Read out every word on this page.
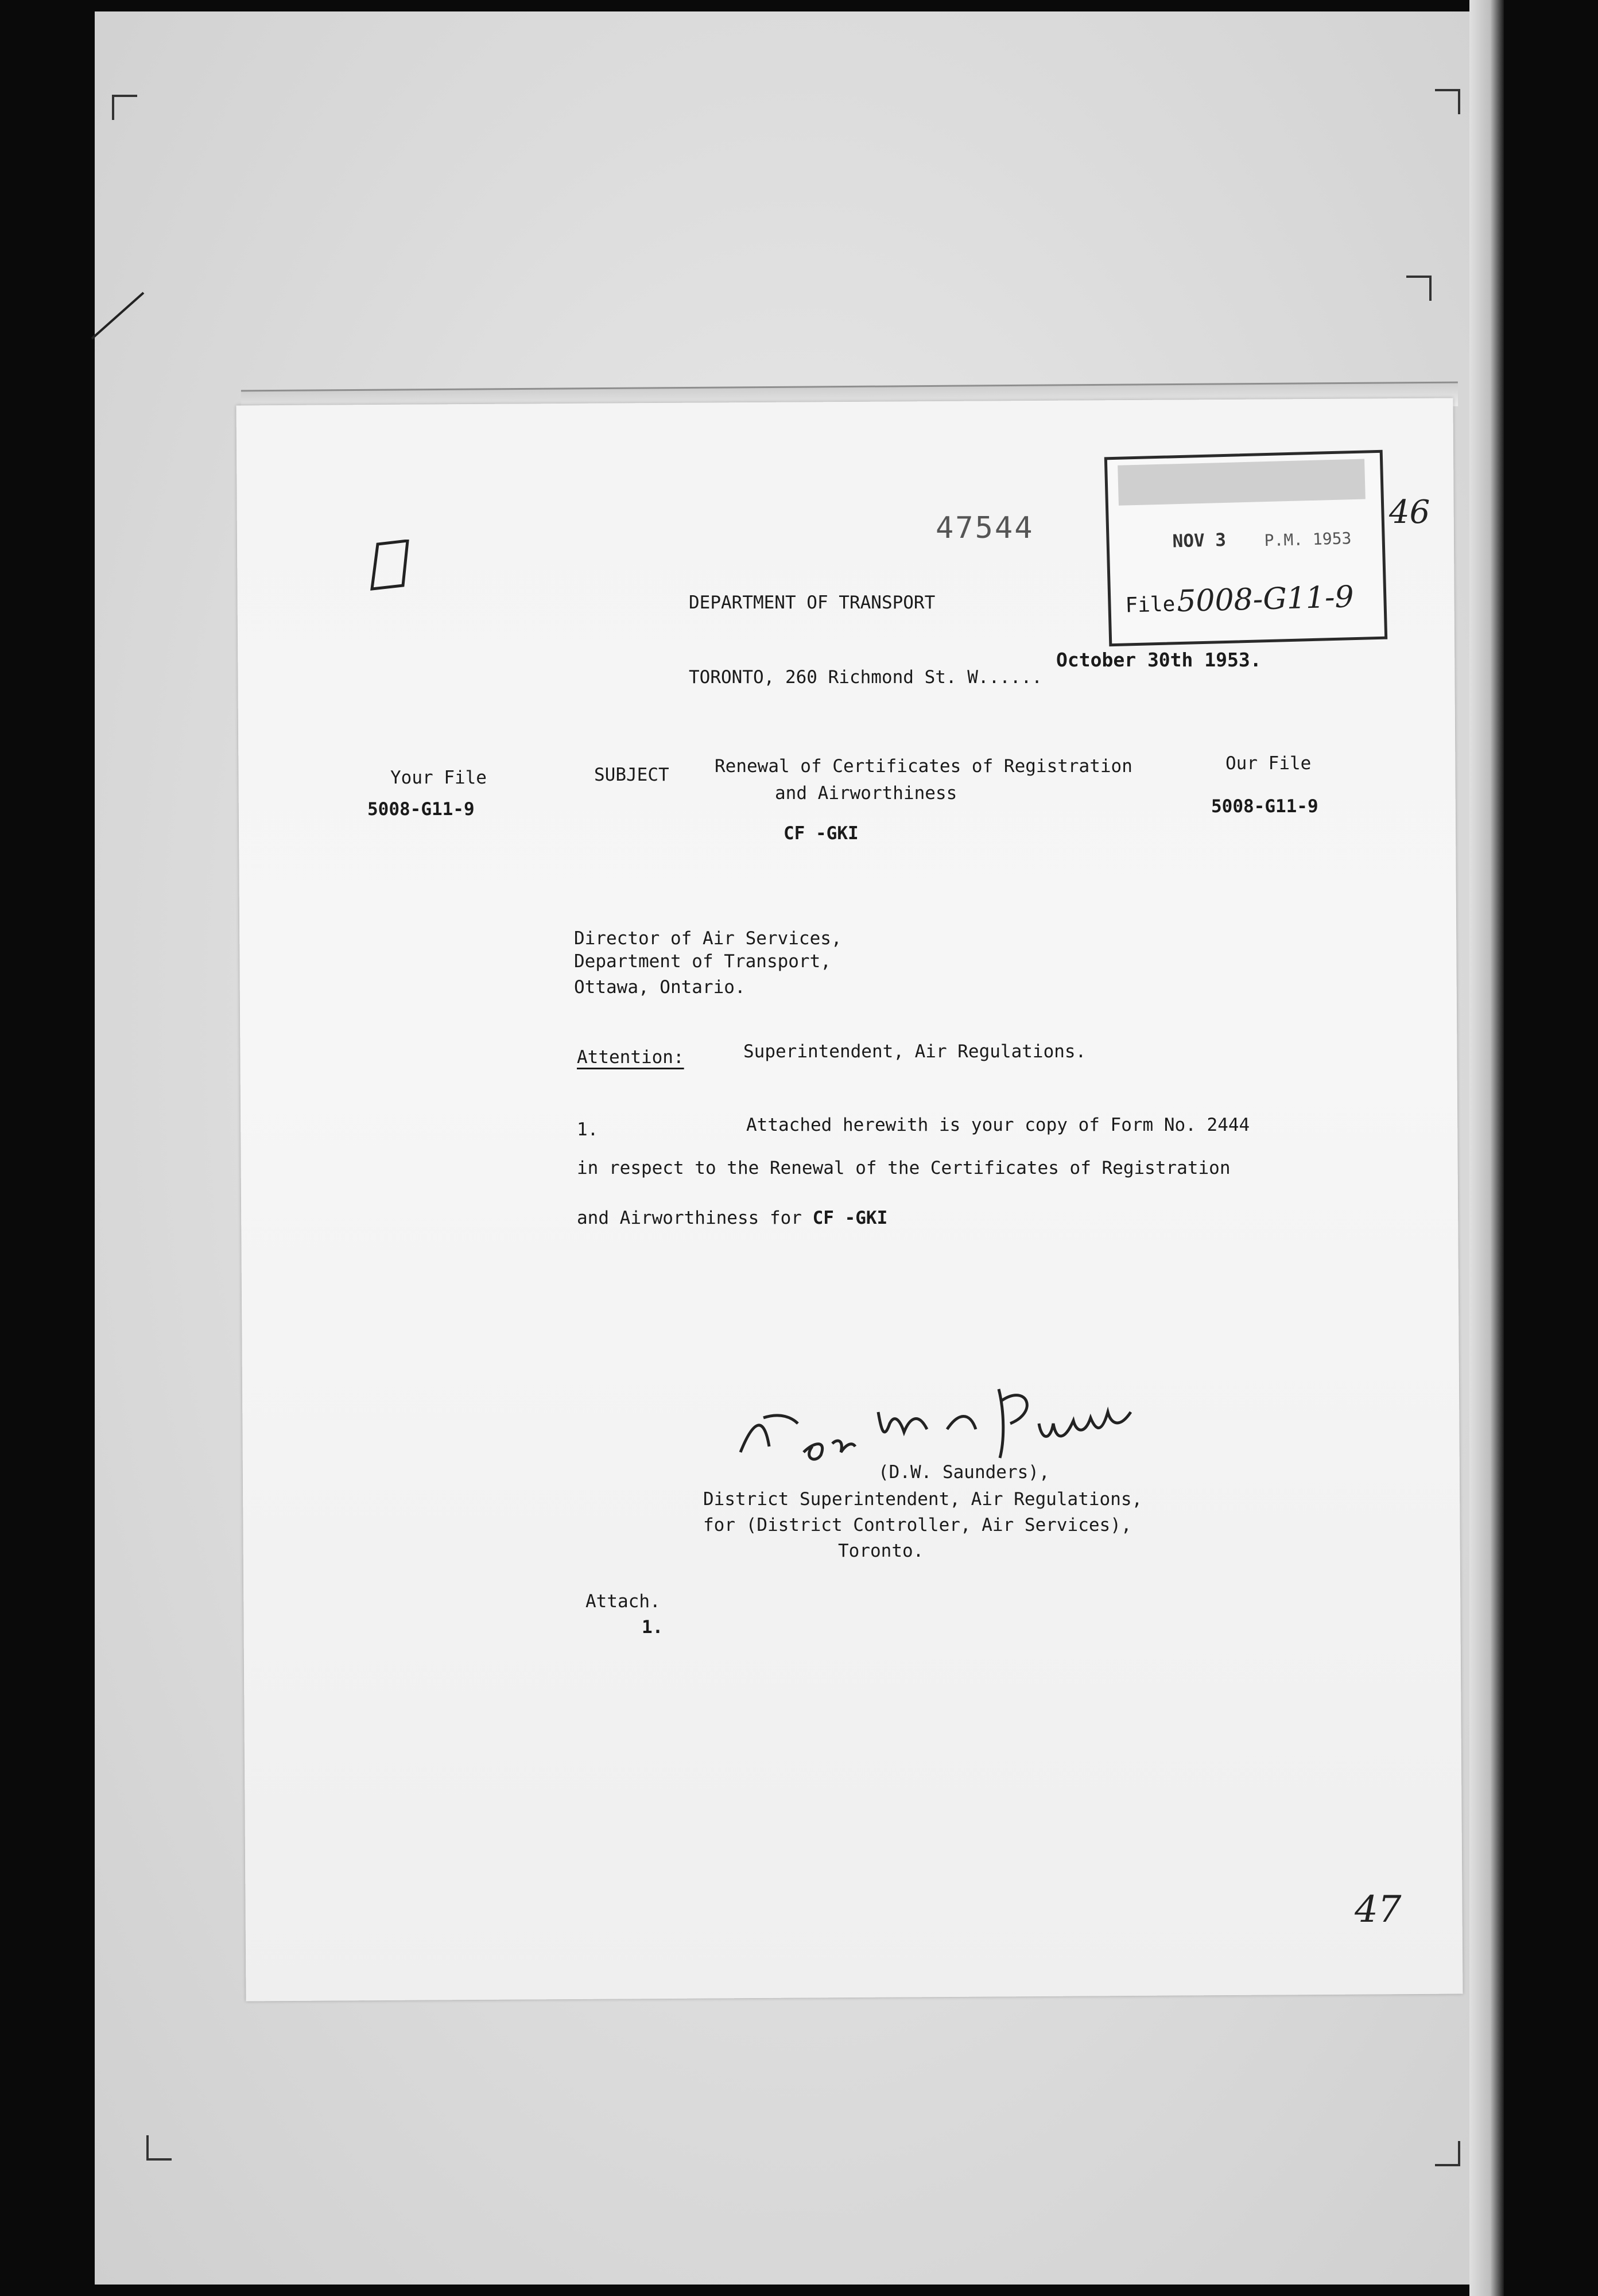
47544
DEPARTMENT OF TRANSPORT
TORONTO, 260 Richmond St. W......
October 30th 1953.
Your File
5008-G11-9
SUBJECT	Renewal of Certificates of Registration
and Airworthiness
CF -GKI
Our File
5008-G11-9
Director of Air Services,
Department of Transport,
Ottawa, Ontario.
Attention:	Superintendent, Air Regulations.
1.	Attached herewith is your copy of Form No. 2444
in respect to the Renewal of the Certificates of Registration
and Airworthiness for CF -GKI
(D.W. Saunders),
District Superintendent, Air Regulations,
for (District Controller, Air Services),
Toronto.
Attach.
1.
NOV 3 P.M. 1953
File 5008-G11-9
46
47
